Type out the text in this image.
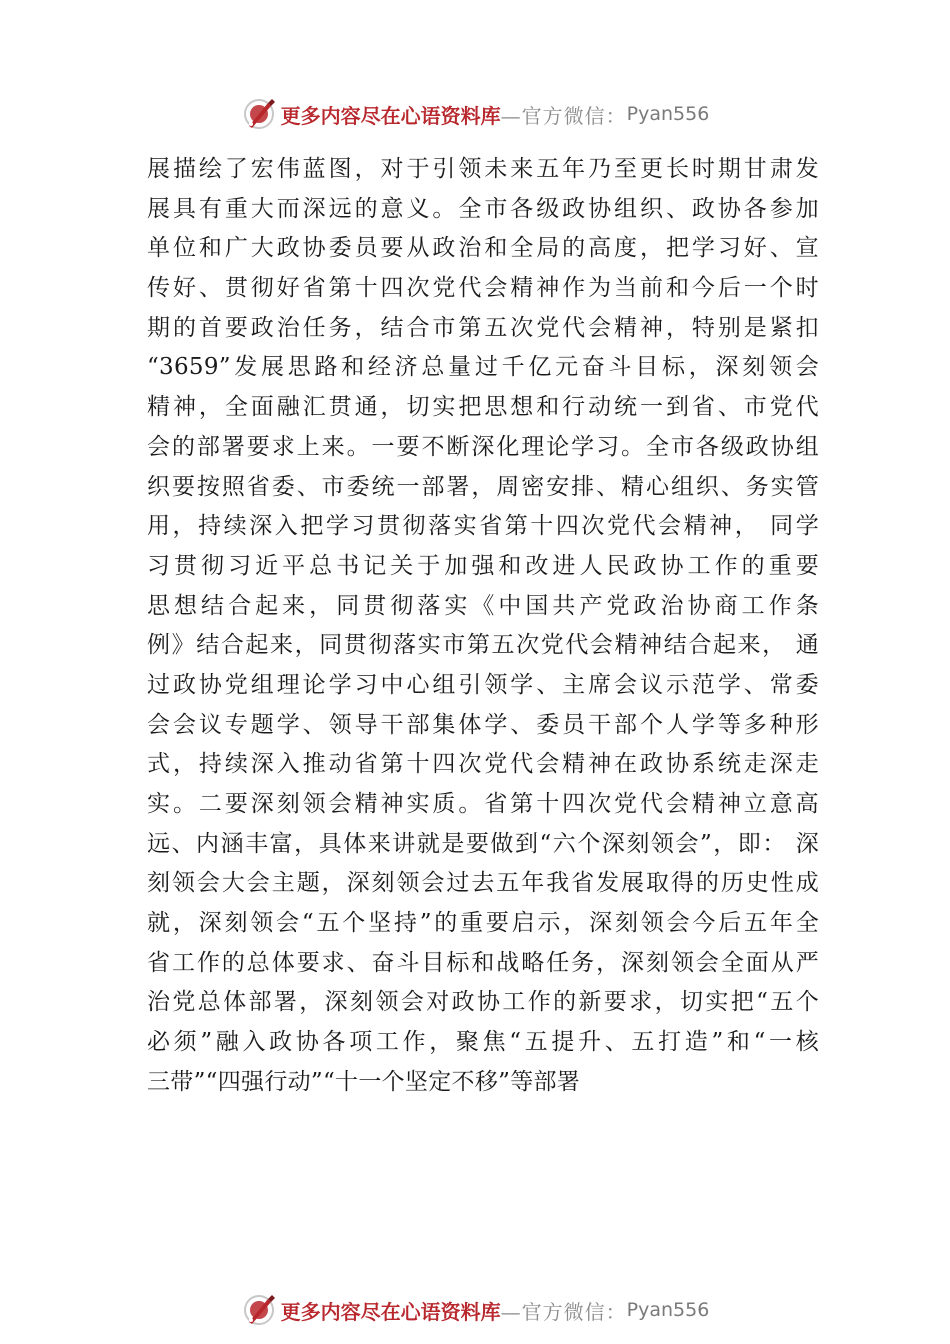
更多内容尽在心语资料库 —官方微信： Pyan556
展描绘了宏伟蓝图，对于引领未来五年乃至更长时期甘肃发
展具有重大而深远的意义。全市各级政协组织、政协各参加
单位和广大政协委员要从政治和全局的高度，把学习好、宣
传好、贯彻好省第十四次党代会精神作为当前和今后一个时
期的首要政治任务，结合市第五次党代会精神，特别是紧扣
“3659”发展思路和经济总量过千亿元奋斗目标，深刻领会
精神，全面融汇贯通，切实把思想和行动统一到省、市党代
会的部署要求上来。一要不断深化理论学习。全市各级政协组
织要按照省委、市委统一部署，周密安排、精心组织、务实管
用，持续深入把学习贯彻落实省第十四次党代会精神， 同学
习贯彻习近平总书记关于加强和改进人民政协工作的重要
思想结合起来，同贯彻落实《中国共产党政治协商工作条
例》结合起来，同贯彻落实市第五次党代会精神结合起来， 通
过政协党组理论学习中心组引领学、主席会议示范学、常委
会会议专题学、领导干部集体学、委员干部个人学等多种形
式，持续深入推动省第十四次党代会精神在政协系统走深走
实。二要深刻领会精神实质。省第十四次党代会精神立意高
远、内涵丰富，具体来讲就是要做到“六个深刻领会”，即： 深
刻领会大会主题，深刻领会过去五年我省发展取得的历史性成
就，深刻领会“五个坚持”的重要启示，深刻领会今后五年全
省工作的总体要求、奋斗目标和战略任务，深刻领会全面从严
治党总体部署，深刻领会对政协工作的新要求，切实把“五个
必须”融入政协各项工作，聚焦“五提升、五打造”和“一核
三带”“四强行动”“十一个坚定不移”等部署
更多内容尽在心语资料库 —官方微信： Pyan556
